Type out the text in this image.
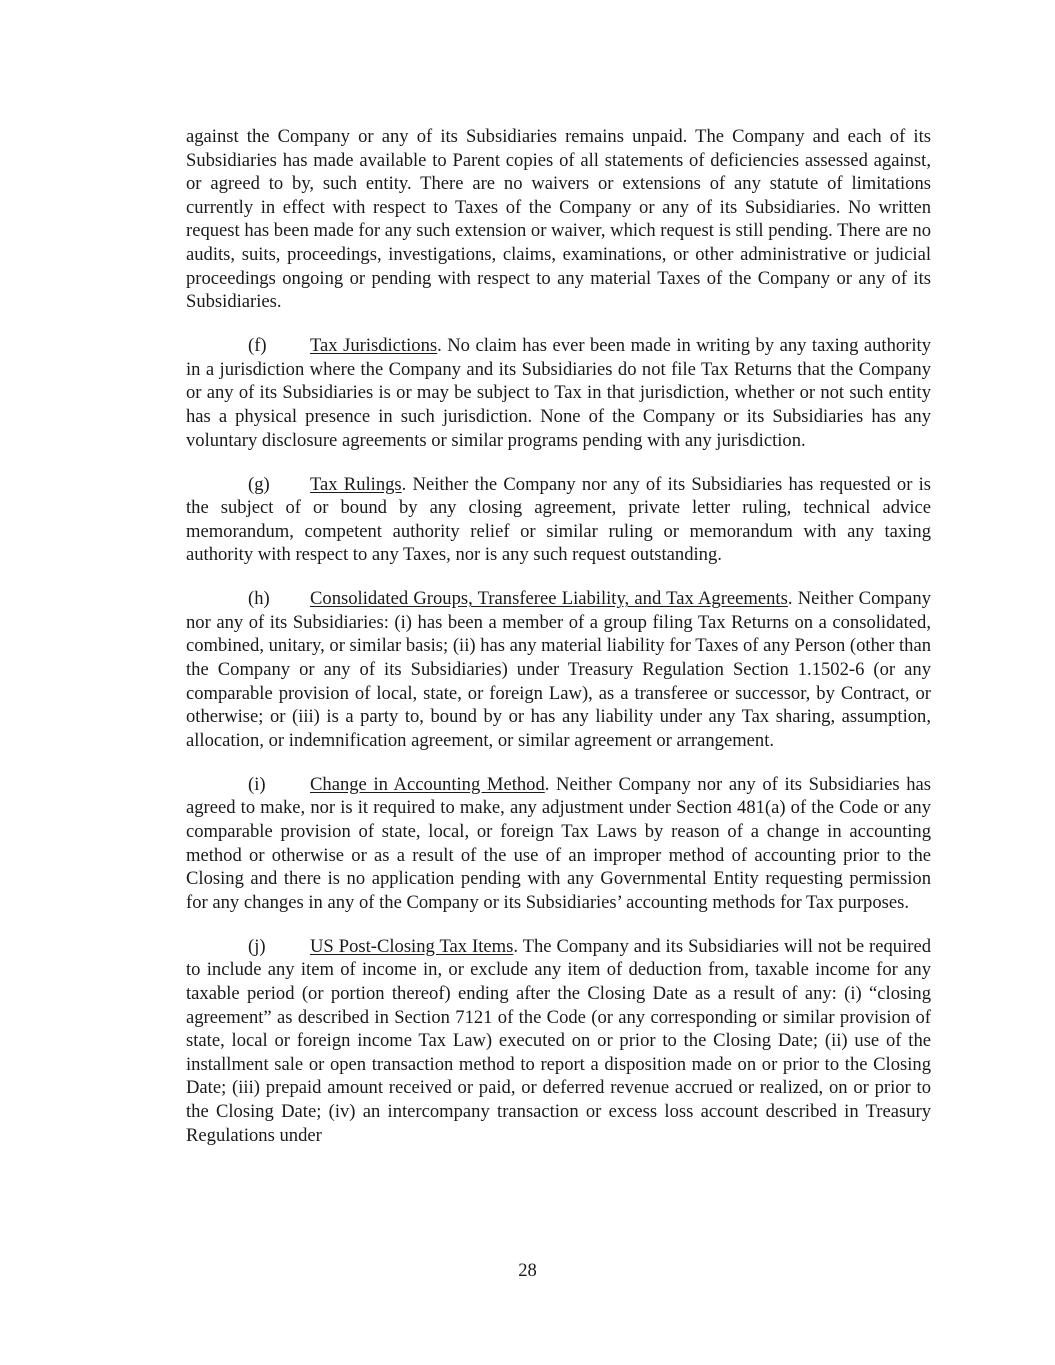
against the Company or any of its Subsidiaries remains unpaid. The Company and each of its Subsidiaries has made available to Parent copies of all statements of deficiencies assessed against, or agreed to by, such entity. There are no waivers or extensions of any statute of limitations currently in effect with respect to Taxes of the Company or any of its Subsidiaries. No written request has been made for any such extension or waiver, which request is still pending. There are no audits, suits, proceedings, investigations, claims, examinations, or other administrative or judicial proceedings ongoing or pending with respect to any material Taxes of the Company or any of its Subsidiaries.

(f) Tax Jurisdictions. No claim has ever been made in writing by any taxing authority in a jurisdiction where the Company and its Subsidiaries do not file Tax Returns that the Company or any of its Subsidiaries is or may be subject to Tax in that jurisdiction, whether or not such entity has a physical presence in such jurisdiction. None of the Company or its Subsidiaries has any voluntary disclosure agreements or similar programs pending with any jurisdiction.

(g) Tax Rulings. Neither the Company nor any of its Subsidiaries has requested or is the subject of or bound by any closing agreement, private letter ruling, technical advice memorandum, competent authority relief or similar ruling or memorandum with any taxing authority with respect to any Taxes, nor is any such request outstanding.

(h) Consolidated Groups, Transferee Liability, and Tax Agreements. Neither Company nor any of its Subsidiaries: (i) has been a member of a group filing Tax Returns on a consolidated, combined, unitary, or similar basis; (ii) has any material liability for Taxes of any Person (other than the Company or any of its Subsidiaries) under Treasury Regulation Section 1.1502-6 (or any comparable provision of local, state, or foreign Law), as a transferee or successor, by Contract, or otherwise; or (iii) is a party to, bound by or has any liability under any Tax sharing, assumption, allocation, or indemnification agreement, or similar agreement or arrangement.

(i) Change in Accounting Method. Neither Company nor any of its Subsidiaries has agreed to make, nor is it required to make, any adjustment under Section 481(a) of the Code or any comparable provision of state, local, or foreign Tax Laws by reason of a change in accounting method or otherwise or as a result of the use of an improper method of accounting prior to the Closing and there is no application pending with any Governmental Entity requesting permission for any changes in any of the Company or its Subsidiaries’ accounting methods for Tax purposes.

(j) US Post-Closing Tax Items. The Company and its Subsidiaries will not be required to include any item of income in, or exclude any item of deduction from, taxable income for any taxable period (or portion thereof) ending after the Closing Date as a result of any: (i) “closing agreement” as described in Section 7121 of the Code (or any corresponding or similar provision of state, local or foreign income Tax Law) executed on or prior to the Closing Date; (ii) use of the installment sale or open transaction method to report a disposition made on or prior to the Closing Date; (iii) prepaid amount received or paid, or deferred revenue accrued or realized, on or prior to the Closing Date; (iv) an intercompany transaction or excess loss account described in Treasury Regulations under

28
